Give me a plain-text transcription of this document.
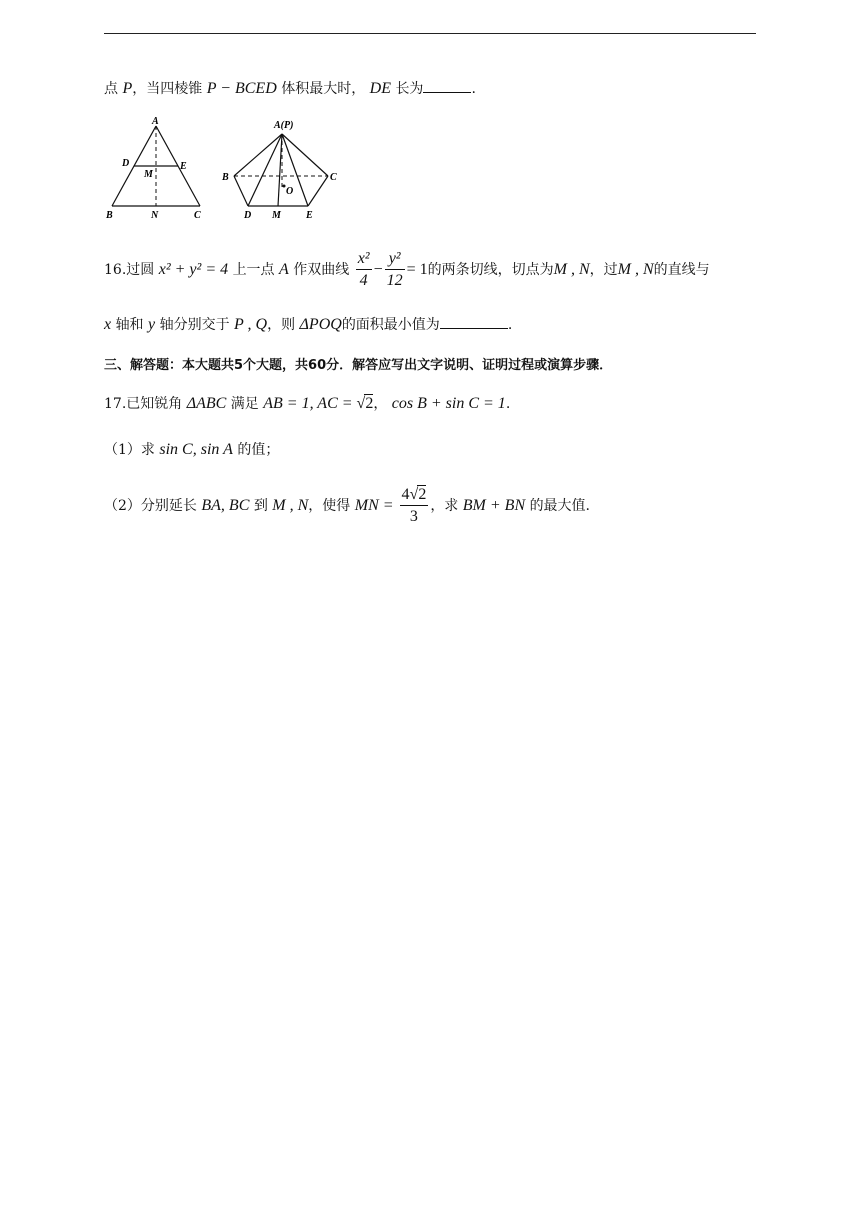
点 P，当四棱锥 P − BCED 体积最大时， DE 长为	.
A
D	E
M
B	N	C
A(P)
B	C
O
D M	E
16.过圆 x² + y² = 4 上一点 A 作双曲线 $\frac{\text{x²}}{4} - \frac{\text{y²}}{12} = 1$的两条切线，切点为M , N，过M , N的直线与
x 轴和 y 轴分别交于 P , Q，则 ΔPOQ的面积最小值为	.
三、解答题：本大题共5个大题，共60分．解答应写出文字说明、证明过程或演算步骤．
17.已知锐角 ΔABC 满足 AB = 1, AC = √2， cos B + sin C = 1.
（1）求 sin C, sin A 的值；
（2）分别延长 BA, BC 到 M , N，使得 MN = $\frac{4√2}{3}$ ，求 BM + BN 的最大值.
